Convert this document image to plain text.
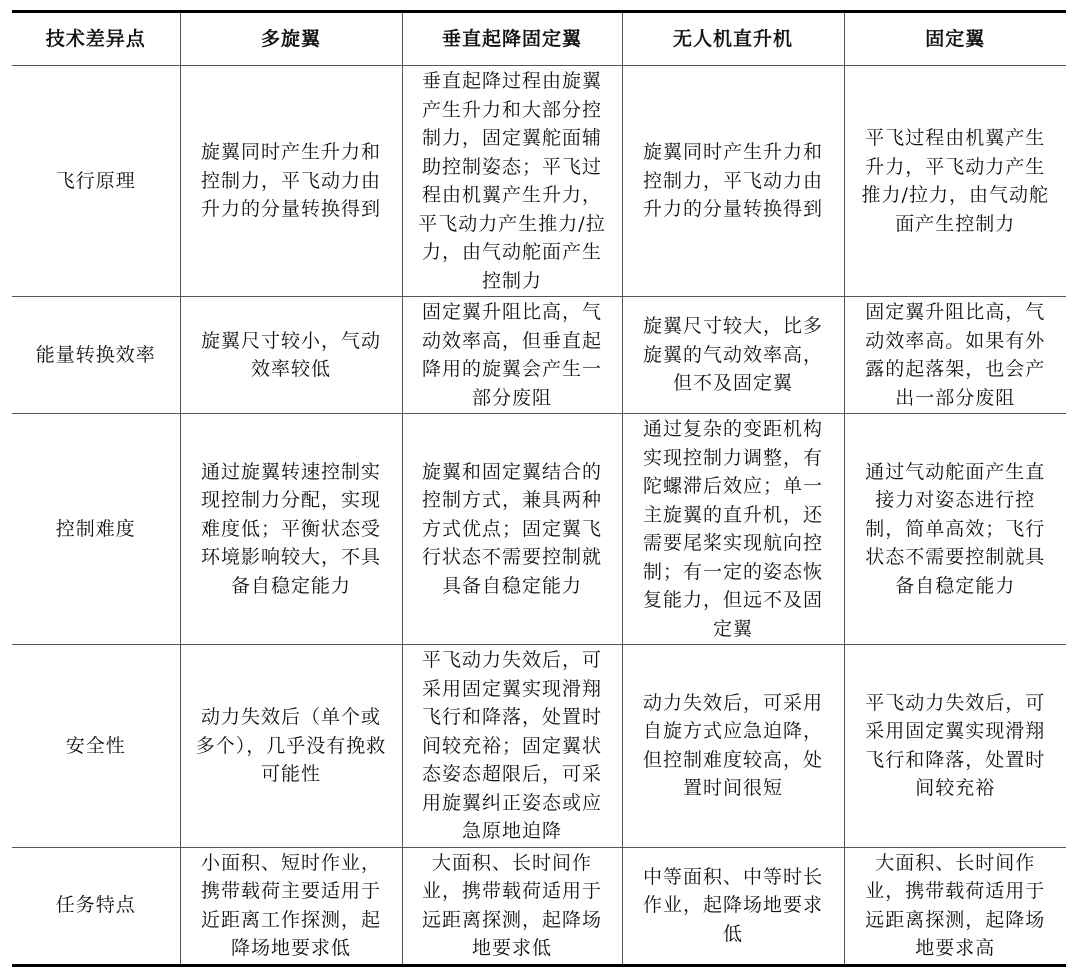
技术差异点	多旋翼	垂直起降固定翼	无人机直升机	固定翼
飞行原理	旋翼同时产生升力和控制力，平飞动力由升力的分量转换得到	垂直起降过程由旋翼产生升力和大部分控制力，固定翼舵面辅助控制姿态；平飞过程由机翼产生升力，平飞动力产生推力/拉力，由气动舵面产生控制力	旋翼同时产生升力和控制力，平飞动力由升力的分量转换得到	平飞过程由机翼产生升力，平飞动力产生推力/拉力，由气动舵面产生控制力
能量转换效率	旋翼尺寸较小，气动效率较低	固定翼升阻比高，气动效率高，但垂直起降用的旋翼会产生一部分废阻	旋翼尺寸较大，比多旋翼的气动效率高，但不及固定翼	固定翼升阻比高，气动效率高。如果有外露的起落架，也会产出一部分废阻
控制难度	通过旋翼转速控制实现控制力分配，实现难度低；平衡状态受环境影响较大，不具备自稳定能力	旋翼和固定翼结合的控制方式，兼具两种方式优点；固定翼飞行状态不需要控制就具备自稳定能力	通过复杂的变距机构实现控制力调整，有陀螺滞后效应；单一主旋翼的直升机，还需要尾桨实现航向控制；有一定的姿态恢复能力，但远不及固定翼	通过气动舵面产生直接力对姿态进行控制，简单高效；飞行状态不需要控制就具备自稳定能力
安全性	动力失效后（单个或多个），几乎没有挽救可能性	平飞动力失效后，可采用固定翼实现滑翔飞行和降落，处置时间较充裕；固定翼状态姿态超限后，可采用旋翼纠正姿态或应急原地迫降	动力失效后，可采用自旋方式应急迫降，但控制难度较高，处置时间很短	平飞动力失效后，可采用固定翼实现滑翔飞行和降落，处置时间较充裕
任务特点	小面积、短时作业，携带载荷主要适用于近距离工作探测，起降场地要求低	大面积、长时间作业，携带载荷适用于远距离探测，起降场地要求低	中等面积、中等时长作业，起降场地要求低	大面积、长时间作业，携带载荷适用于远距离探测，起降场地要求高
